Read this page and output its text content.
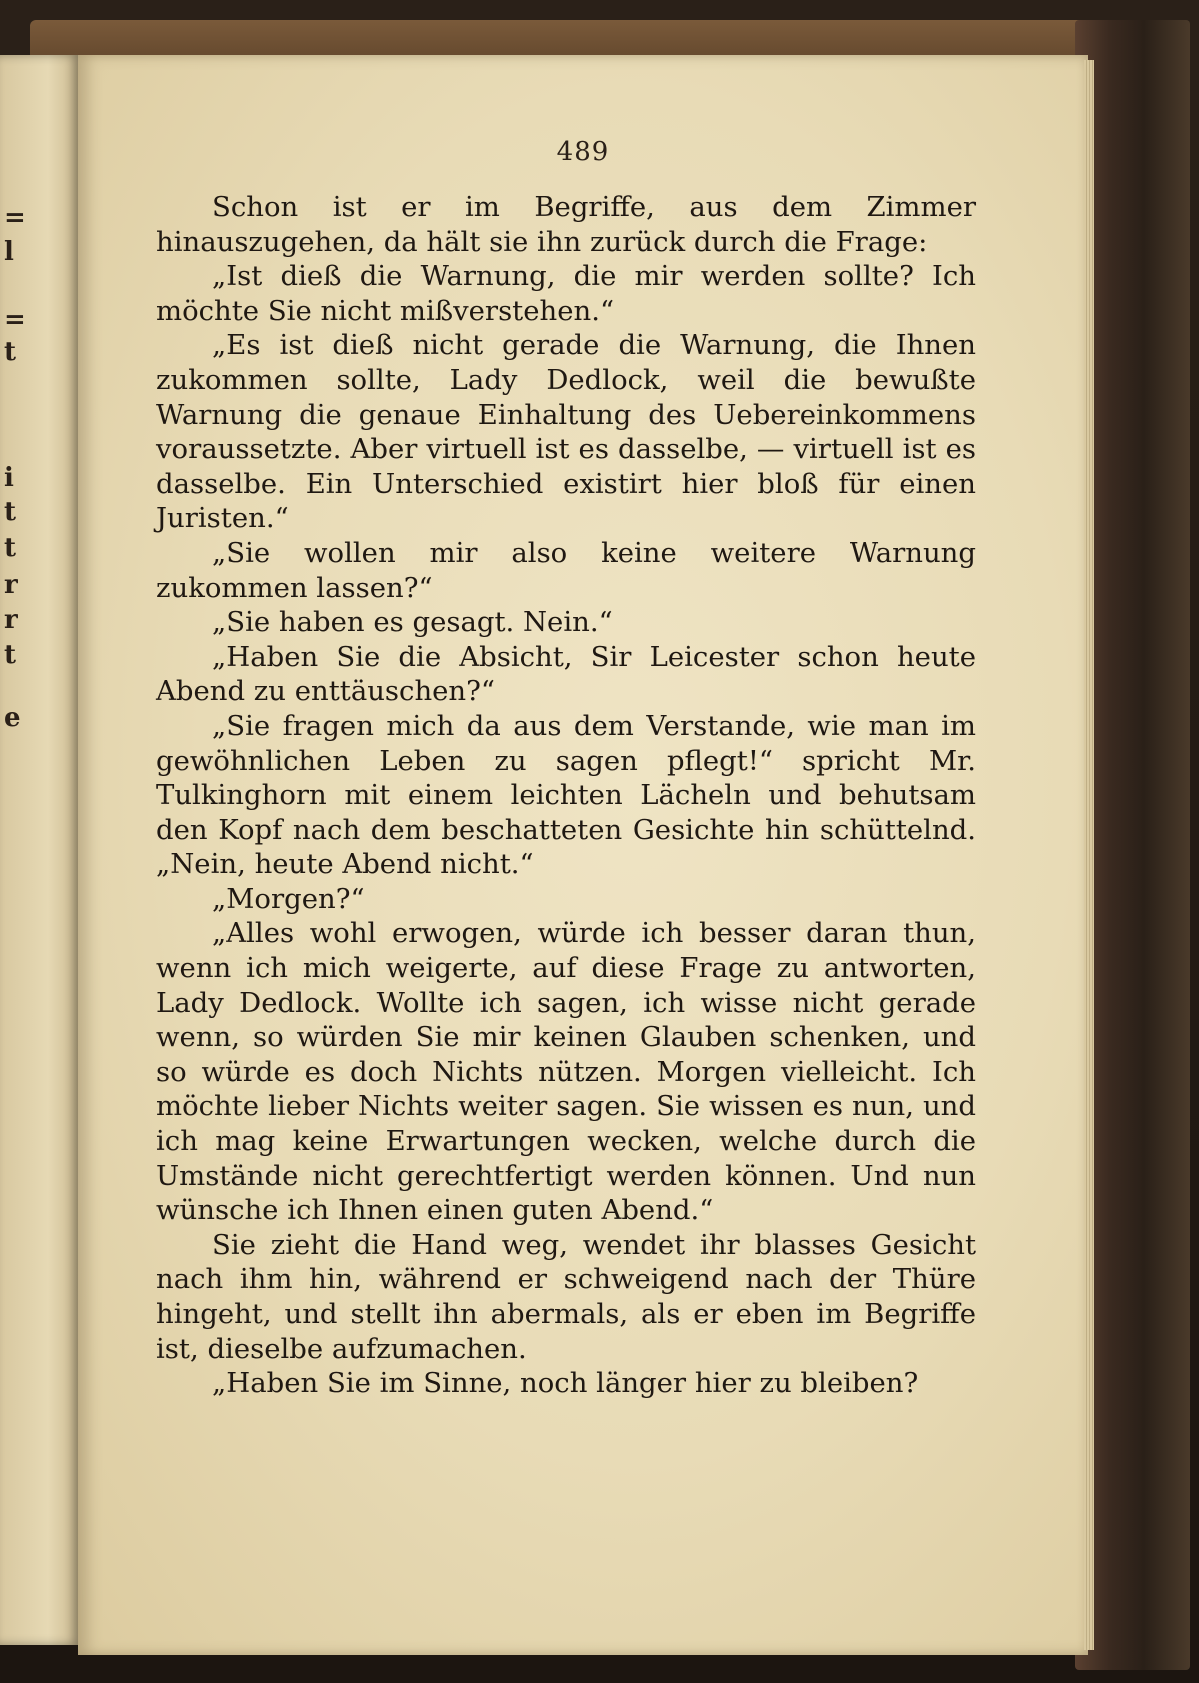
=
l
=
t
i
t
t
r
r
t
e
489

Schon ist er im Begriffe, aus dem Zimmer hinauszugehen, da hält sie ihn zurück durch die Frage:

„Ist dieß die Warnung, die mir werden sollte? Ich möchte Sie nicht mißverstehen.“

„Es ist dieß nicht gerade die Warnung, die Ihnen zukommen sollte, Lady Dedlock, weil die bewußte Warnung die genaue Einhaltung des Uebereinkommens voraussetzte. Aber virtuell ist es dasselbe, — virtuell ist es dasselbe. Ein Unterschied existirt hier bloß für einen Juristen.“

„Sie wollen mir also keine weitere Warnung zukommen lassen?“

„Sie haben es gesagt. Nein.“

„Haben Sie die Absicht, Sir Leicester schon heute Abend zu enttäuschen?“

„Sie fragen mich da aus dem Verstande, wie man im gewöhnlichen Leben zu sagen pflegt!“ spricht Mr. Tulkinghorn mit einem leichten Lächeln und behutsam den Kopf nach dem beschatteten Gesichte hin schüttelnd. „Nein, heute Abend nicht.“

„Morgen?“

„Alles wohl erwogen, würde ich besser daran thun, wenn ich mich weigerte, auf diese Frage zu antworten, Lady Dedlock. Wollte ich sagen, ich wisse nicht gerade wenn, so würden Sie mir keinen Glauben schenken, und so würde es doch Nichts nützen. Morgen vielleicht. Ich möchte lieber Nichts weiter sagen. Sie wissen es nun, und ich mag keine Erwartungen wecken, welche durch die Umstände nicht gerechtfertigt werden können. Und nun wünsche ich Ihnen einen guten Abend.“

Sie zieht die Hand weg, wendet ihr blasses Gesicht nach ihm hin, während er schweigend nach der Thüre hingeht, und stellt ihn abermals, als er eben im Begriffe ist, dieselbe aufzumachen.

„Haben Sie im Sinne, noch länger hier zu bleiben?
